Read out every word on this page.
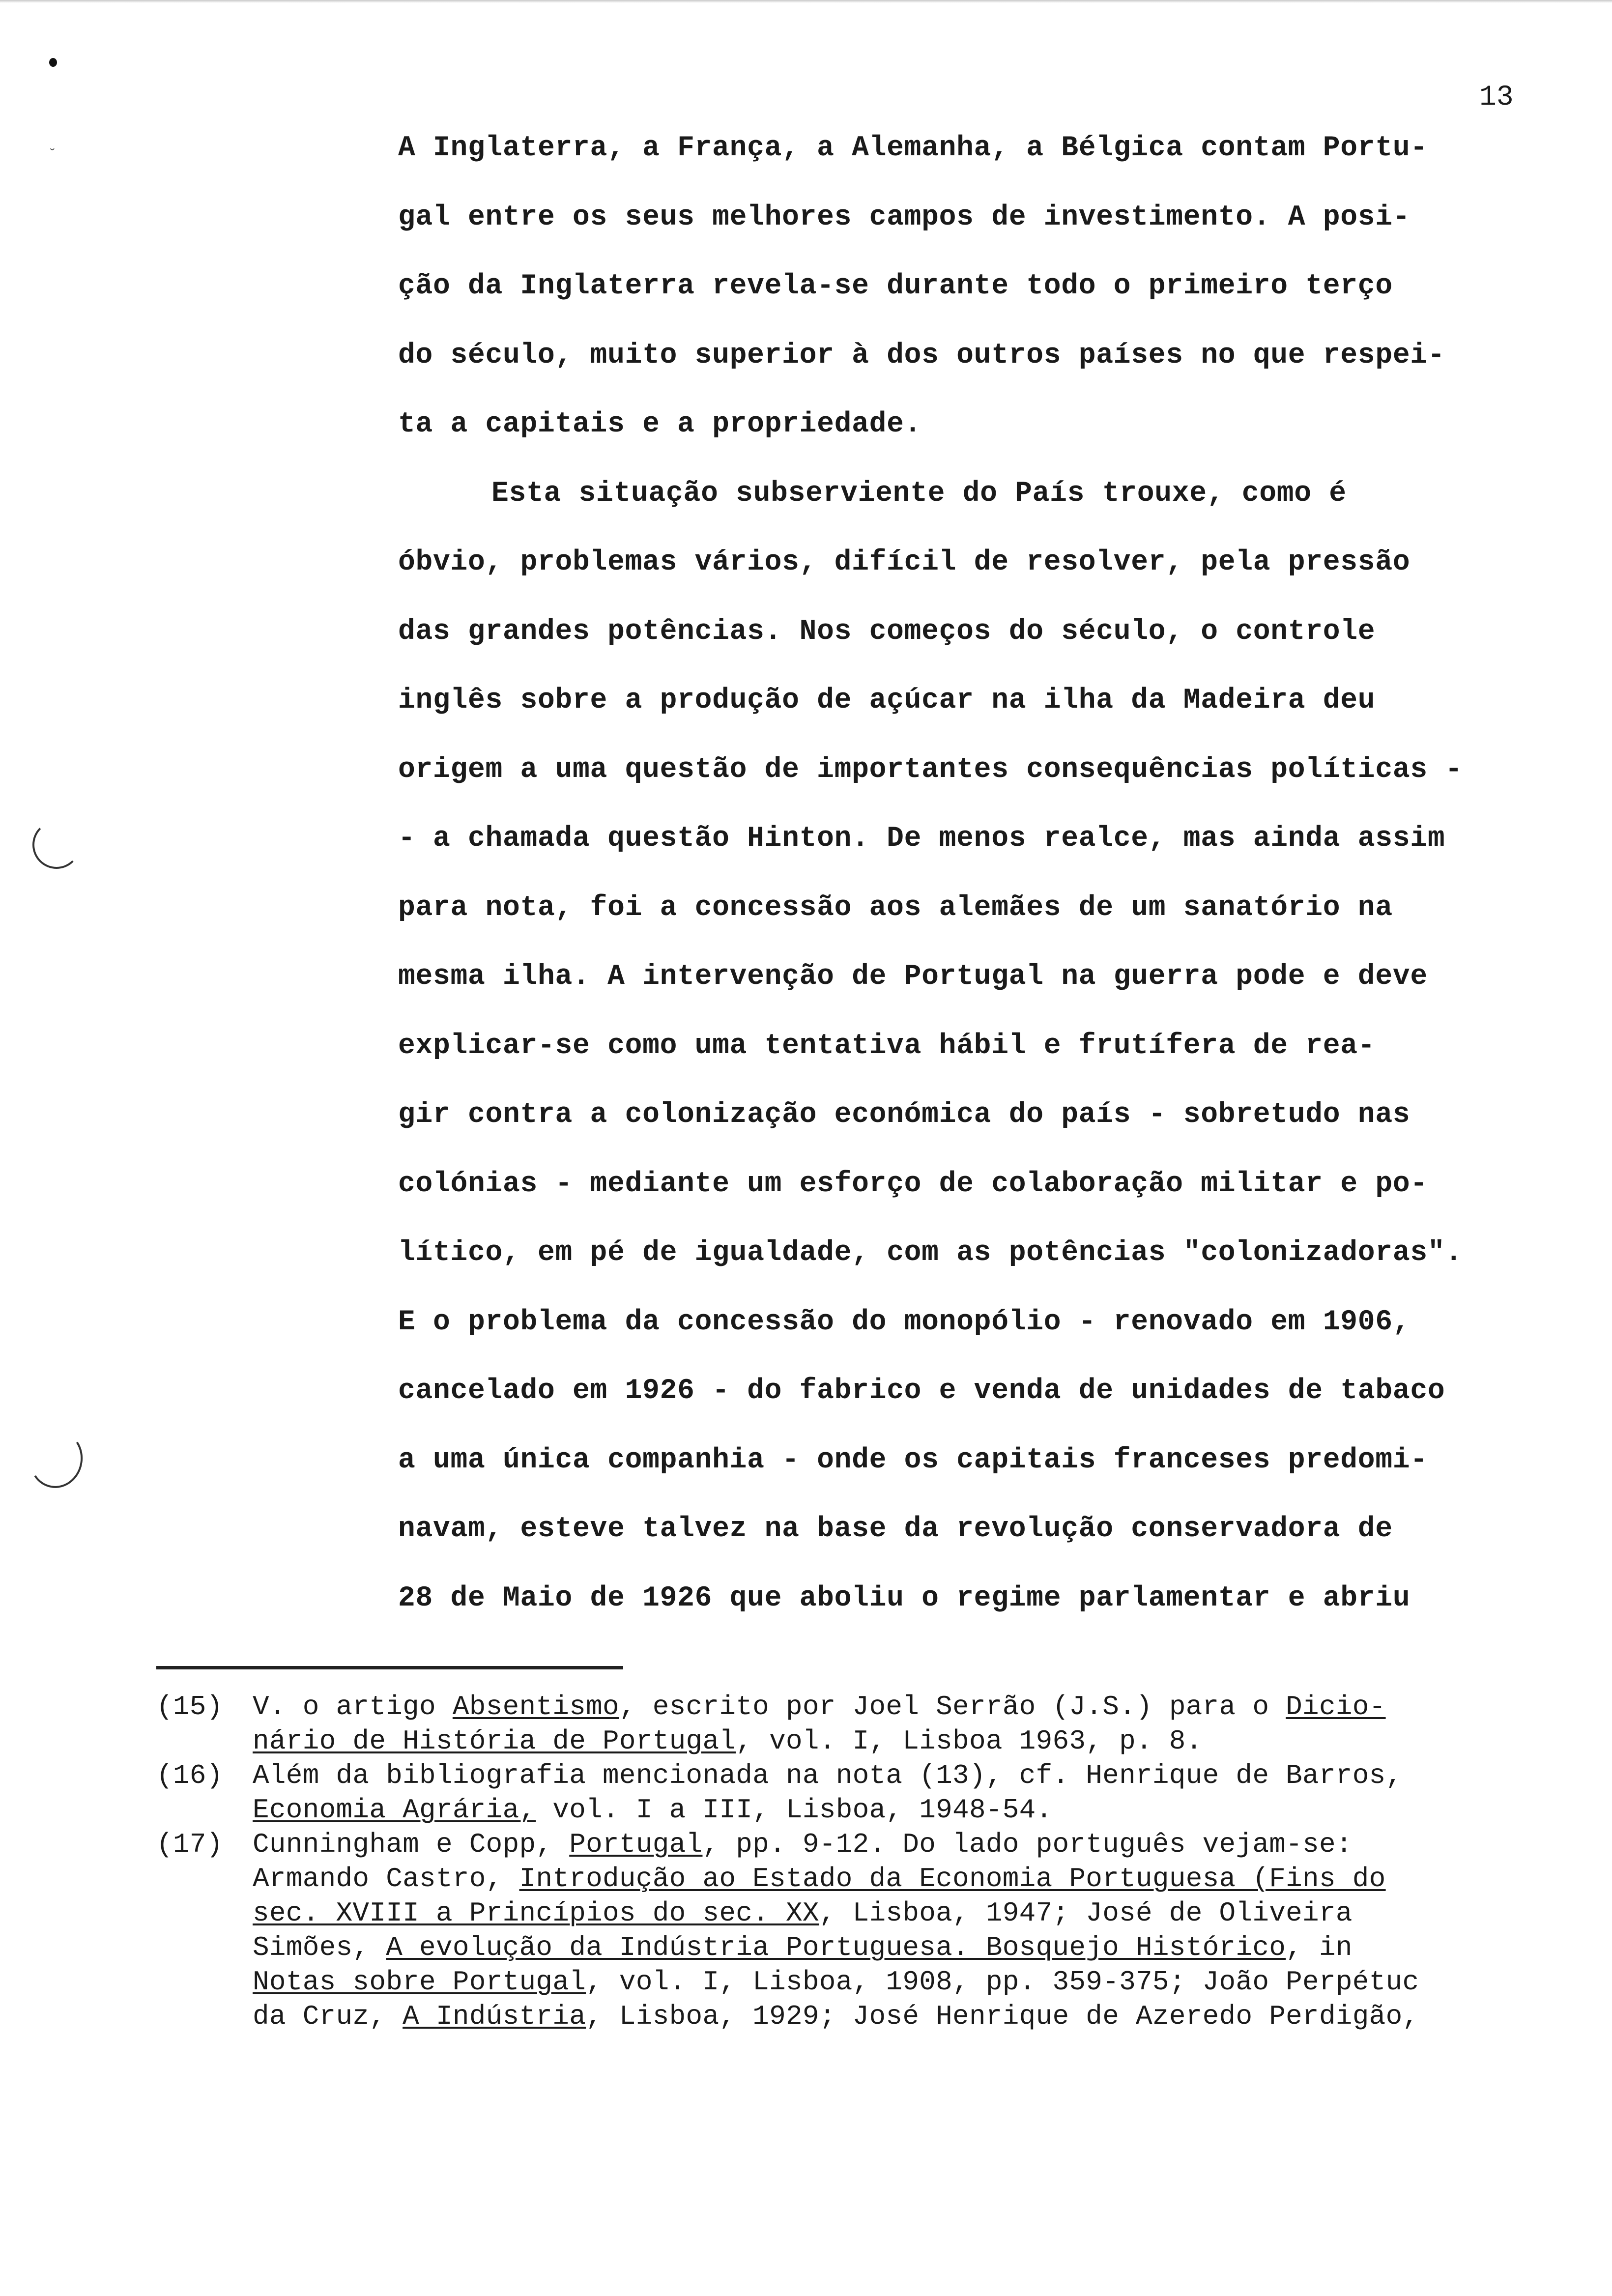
˘
13
A Inglaterra, a França, a Alemanha, a Bélgica contam Portu-
gal entre os seus melhores campos de investimento. A posi-
ção da Inglaterra revela-se durante todo o primeiro terço
do século, muito superior à dos outros países no que respei-
ta a capitais e a propriedade.
Esta situação subserviente do País trouxe, como é
óbvio, problemas vários, difícil de resolver, pela pressão
das grandes potências. Nos começos do século, o controle
inglês sobre a produção de açúcar na ilha da Madeira deu
origem a uma questão de importantes consequências políticas -
- a chamada questão Hinton. De menos realce, mas ainda assim
para nota, foi a concessão aos alemães de um sanatório na
mesma ilha. A intervenção de Portugal na guerra pode e deve
explicar-se como uma tentativa hábil e frutífera de rea-
gir contra a colonização económica do país - sobretudo nas
colónias - mediante um esforço de colaboração militar e po-
lítico, em pé de igualdade, com as potências "colonizadoras".
E o problema da concessão do monopólio - renovado em 1906,
cancelado em 1926 - do fabrico e venda de unidades de tabaco
a uma única companhia - onde os capitais franceses predomi-
navam, esteve talvez na base da revolução conservadora de
28 de Maio de 1926 que aboliu o regime parlamentar e abriu
(15) V. o artigo Absentismo, escrito por Joel Serrão (J.S.) para o Dicio-
nário de História de Portugal, vol. I, Lisboa 1963, p. 8.
(16) Além da bibliografia mencionada na nota (13), cf. Henrique de Barros,
Economia Agrária, vol. I a III, Lisboa, 1948-54.
(17) Cunningham e Copp, Portugal, pp. 9-12. Do lado português vejam-se:
Armando Castro, Introdução ao Estado da Economia Portuguesa (Fins do
sec. XVIII a Princípios do sec. XX, Lisboa, 1947; José de Oliveira
Simões, A evolução da Indústria Portuguesa. Bosquejo Histórico, in
Notas sobre Portugal, vol. I, Lisboa, 1908, pp. 359-375; João Perpétuc
da Cruz, A Indústria, Lisboa, 1929; José Henrique de Azeredo Perdigão,
